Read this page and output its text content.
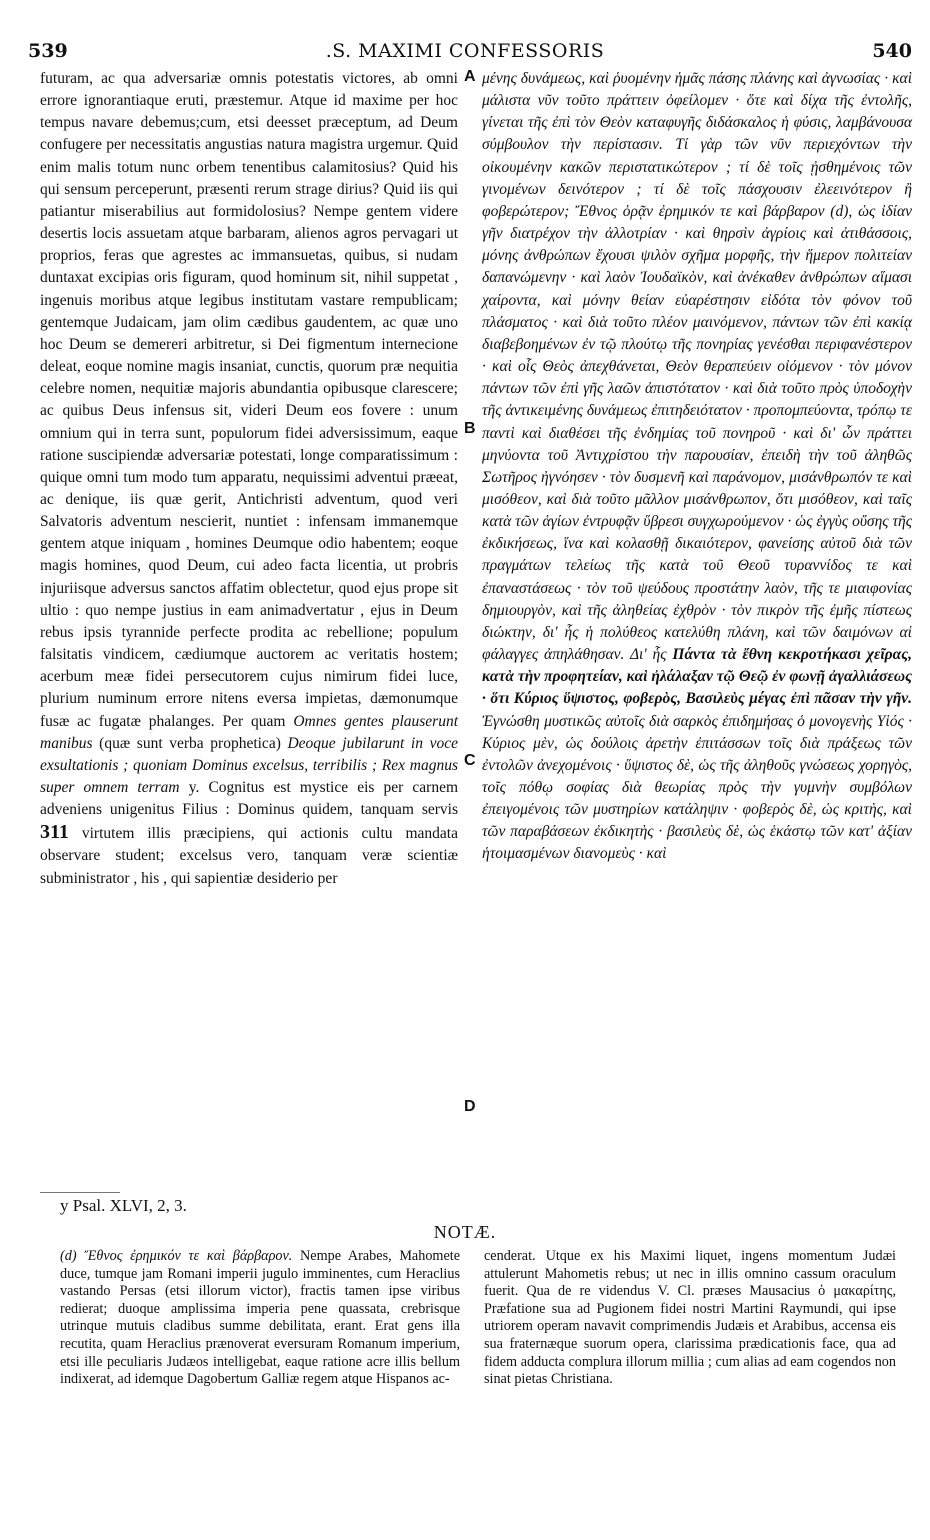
539	.S. MAXIMI CONFESSORIS	540

futuram, ac qua adversariæ omnis potestatis victores, ab omni errore ignorantiaque eruti, præstemur. Atque id maxime per hoc tempus navare debemus;cum, etsi deesset præceptum, ad Deum confugere per necessitatis angustias natura magistra urgemur. Quid enim malis totum nunc orbem tenentibus calamitosius? Quid his qui sensum perceperunt, præsenti rerum strage dirius? Quid iis qui patiantur miserabilius aut formidolosius? Nempe gentem videre desertis locis assuetam atque barbaram, alienos agros pervagari ut proprios, feras que agrestes ac immansuetas, quibus, si nudam duntaxat excipias oris figuram, quod hominum sit, nihil suppetat , ingenuis moribus atque legibus institutam vastare rempublicam; gentemque Judaicam, jam olim cædibus gaudentem, ac quæ uno hoc Deum se demereri arbitretur, si Dei figmentum internecione deleat, eoque nomine magis insaniat, cunctis, quorum præ nequitia celebre nomen, nequitiæ majoris abundantia opibusque clarescere; ac quibus Deus infensus sit, videri Deum eos fovere : unum omnium qui in terra sunt, populorum fidei adversissimum, eaque ratione suscipiendæ adversariæ potestati, longe comparatissimum : quique omni tum modo tum apparatu, nequissimi adventui præeat, ac denique, iis quæ gerit, Antichristi adventum, quod veri Salvatoris adventum nescierit, nuntiet : infensam immanemque gentem atque iniquam , homines Deumque odio habentem; eoque magis homines, quod Deum, cui adeo facta licentia, ut probris injuriisque adversus sanctos affatim oblectetur, quod ejus prope sit ultio : quo nempe justius in eam animadvertatur , ejus in Deum rebus ipsis tyrannide perfecte prodita ac rebellione; populum falsitatis vindicem, cædiumque auctorem ac veritatis hostem; acerbum meæ fidei persecutorem cujus nimirum fidei luce, plurium numinum errore nitens eversa impietas, dæmonumque fusæ ac fugatæ phalanges. Per quam Omnes gentes plauserunt manibus (quæ sunt verba prophetica) Deoque jubilarunt in voce exsultationis ; quoniam Dominus excelsus, terribilis ; Rex magnus super omnem terram y. Cognitus est mystice eis per carnem adveniens unigenitus Filius : Dominus quidem, tanquam servis 311 virtutem illis præcipiens, qui actionis cultu mandata observare student; excelsus vero, tanquam veræ scientiæ subministrator , his , qui sapientiæ desiderio per

A
B
C
D

μένης δυνάμεως, καὶ ῥυομένην ἡμᾶς πάσης πλάνης καὶ ἀγνωσίας · καὶ μάλιστα νῦν τοῦτο πράττειν ὀφείλομεν · ὅτε καὶ δίχα τῆς ἐντολῆς, γίνεται τῆς ἐπὶ τὸν Θεὸν καταφυγῆς διδάσκαλος ἡ φύσις, λαμβάνουσα σύμβουλον τὴν περίστασιν. Τί γὰρ τῶν νῦν περιεχόντων τὴν οἰκουμένην κακῶν περιστατικώτερον ; τί δὲ τοῖς ᾐσθημένοις τῶν γινομένων δεινότερον ; τί δὲ τοῖς πάσχουσιν ἐλεεινότερον ἢ φοβερώτερον; Ἔθνος ὁρᾷν ἐρημικόν τε καὶ βάρβαρον (d), ὡς ἰδίαν γῆν διατρέχον τὴν ἀλλοτρίαν · καὶ θηρσὶν ἀγρίοις καὶ ἀτιθάσσοις, μόνης ἀνθρώπων ἔχουσι ψιλὸν σχῆμα μορφῆς, τὴν ἥμερον πολιτείαν δαπανώμενην · καὶ λαὸν Ἰουδαϊκὸν, καὶ ἀνέκαθεν ἀνθρώπων αἵμασι χαίροντα, καὶ μόνην θείαν εὐαρέστησιν εἰδότα τὸν φόνον τοῦ πλάσματος · καὶ διὰ τοῦτο πλέον μαινόμενον, πάντων τῶν ἐπὶ κακίᾳ διαβεβοημένων ἐν τῷ πλούτῳ τῆς πονηρίας γενέσθαι περιφανέστερον · καὶ οἷς Θεὸς ἀπεχθάνεται, Θεὸν θεραπεύειν οἰόμενον · τὸν μόνον πάντων τῶν ἐπὶ γῆς λαῶν ἀπιστότατον · καὶ διὰ τοῦτο πρὸς ὑποδοχὴν τῆς ἀντικειμένης δυνάμεως ἐπιτηδειότατον · προπομπεύοντα, τρόπῳ τε παντὶ καὶ διαθέσει τῆς ἐνδημίας τοῦ πονηροῦ · καὶ δι' ὧν πράττει μηνύοντα τοῦ Ἀντιχρίστου τὴν παρουσίαν, ἐπειδὴ τὴν τοῦ ἀληθῶς Σωτῆρος ἠγνόησεν · τὸν δυσμενῆ καὶ παράνομον, μισάνθρωπόν τε καὶ μισόθεον, καὶ διὰ τοῦτο μᾶλλον μισάνθρωπον, ὅτι μισόθεον, καὶ ταῖς κατὰ τῶν ἁγίων ἐντρυφᾷν ὕβρεσι συγχωρούμενον · ὡς ἐγγὺς οὔσης τῆς ἐκδικήσεως, ἵνα καὶ κολασθῇ δικαιότερον, φανείσης αὐτοῦ διὰ τῶν πραγμάτων τελείως τῆς κατὰ τοῦ Θεοῦ τυραννίδος τε καὶ ἐπαναστάσεως · τὸν τοῦ ψεύδους προστάτην λαὸν, τῆς τε μιαιφονίας δημιουργὸν, καὶ τῆς ἀληθείας ἐχθρὸν · τὸν πικρὸν τῆς ἐμῆς πίστεως διώκτην, δι' ἧς ἡ πολύθεος κατελύθη πλάνη, καὶ τῶν δαιμόνων αἱ φάλαγγες ἀπηλάθησαν. Δι' ἧς Πάντα τὰ ἔθνη κεκροτήκασι χεῖρας, κατὰ τὴν προφητείαν, καὶ ἠλάλαξαν τῷ Θεῷ ἐν φωνῇ ἀγαλλιάσεως · ὅτι Κύριος ὕψιστος, φοβερὸς, Βασιλεὺς μέγας ἐπὶ πᾶσαν τὴν γῆν. Ἐγνώσθη μυστικῶς αὐτοῖς διὰ σαρκὸς ἐπιδημήσας ὁ μονογενὴς Υἱός · Κύριος μὲν, ὡς δούλοις ἀρετὴν ἐπιτάσσων τοῖς διὰ πράξεως τῶν ἐντολῶν ἀνεχομένοις · ὕψιστος δὲ, ὡς τῆς ἀληθοῦς γνώσεως χορηγὸς, τοῖς πόθῳ σοφίας διὰ θεωρίας πρὸς τὴν γυμνὴν συμβόλων ἐπειγομένοις τῶν μυστηρίων κατάληψιν · φοβερὸς δὲ, ὡς κριτὴς, καὶ τῶν παραβάσεων ἐκδικητὴς · βασιλεὺς δὲ, ὡς ἑκάστῳ τῶν κατ' ἀξίαν ἡτοιμασμένων διανομεὺς · καὶ

y Psal. XLVI, 2, 3.
NOTÆ.

(d) Ἔθνος ἐρημικόν τε καὶ βάρβαρον. Nempe Arabes, Mahomete duce, tumque jam Romani imperii jugulo imminentes, cum Heraclius vastando Persas (etsi illorum victor), fractis tamen ipse viribus redierat; duoque amplissima imperia pene quassata, crebrisque utrinque mutuis cladibus summe debilitata, erant. Erat gens illa recutita, quam Heraclius prænoverat eversuram Romanum imperium, etsi ille peculiaris Judæos intelligebat, eaque ratione acre illis bellum indixerat, ad idemque Dagobertum Galliæ regem atque Hispanos ac-

cenderat. Utque ex his Maximi liquet, ingens momentum Judæi attulerunt Mahometis rebus; ut nec in illis omnino cassum oraculum fuerit. Qua de re videndus V. Cl. præses Mausacius ὁ μακαρίτης, Præfatione sua ad Pugionem fidei nostri Martini Raymundi, qui ipse utriorem operam navavit comprimendis Judæis et Arabibus, accensa eis sua fraternæque suorum opera, clarissima prædicationis face, qua ad fidem adducta complura illorum millia ; cum alias ad eam cogendos non sinat pietas Christiana.
